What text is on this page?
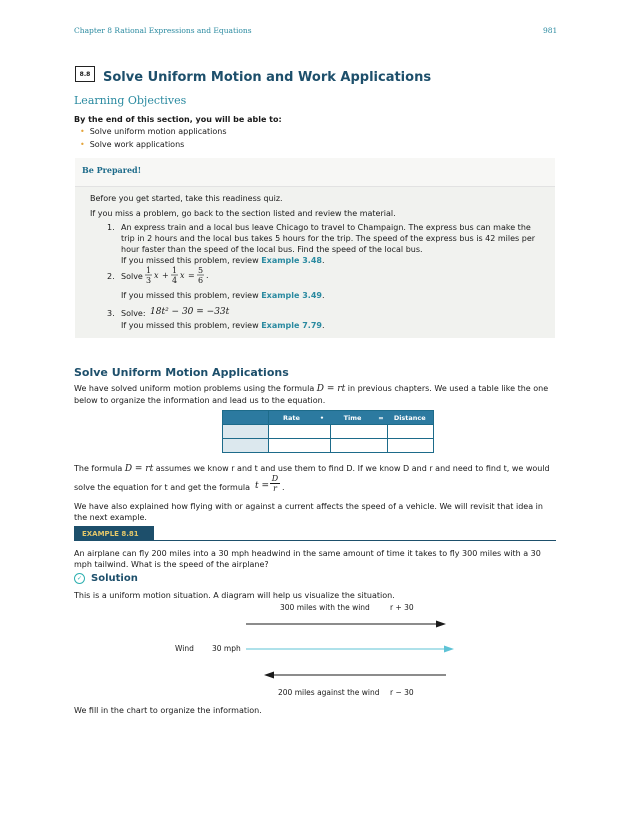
Chapter 8 Rational Expressions and Equations	981
8.8 Solve Uniform Motion and Work Applications
Learning Objectives
By the end of this section, you will be able to:
• Solve uniform motion applications
• Solve work applications
Be Prepared!
Before you get started, take this readiness quiz.
If you miss a problem, go back to the section listed and review the material.
1. An express train and a local bus leave Chicago to travel to Champaign. The express bus can make the trip in 2 hours and the local bus takes 5 hours for the trip. The speed of the express bus is 42 miles per hour faster than the speed of the local bus. Find the speed of the local bus.
If you missed this problem, review Example 3.48.
2. Solve
1
3
x +
1
4
x =
5
6
.
If you missed this problem, review Example 3.49.
3. Solve: 18t² − 30 = −33t
If you missed this problem, review Example 7.79.
Solve Uniform Motion Applications
We have solved uniform motion problems using the formula D = rt in previous chapters. We used a table like the one below to organize the information and lead us to the equation.
	Rate	•	Time	=	Distance

The formula D = rt assumes we know r and t and use them to find D. If we know D and r and need to find t, we would
solve the equation for t and get the formula t =
D
r .
We have also explained how flying with or against a current affects the speed of a vehicle. We will revisit that idea in the next example.
EXAMPLE 8.81
An airplane can fly 200 miles into a 30 mph headwind in the same amount of time it takes to fly 300 miles with a 30 mph tailwind. What is the speed of the airplane?
✓ Solution
This is a uniform motion situation. A diagram will help us visualize the situation.
300 miles with the wind	r + 30
Wind 30 mph
200 miles against the wind r − 30
We fill in the chart to organize the information.
